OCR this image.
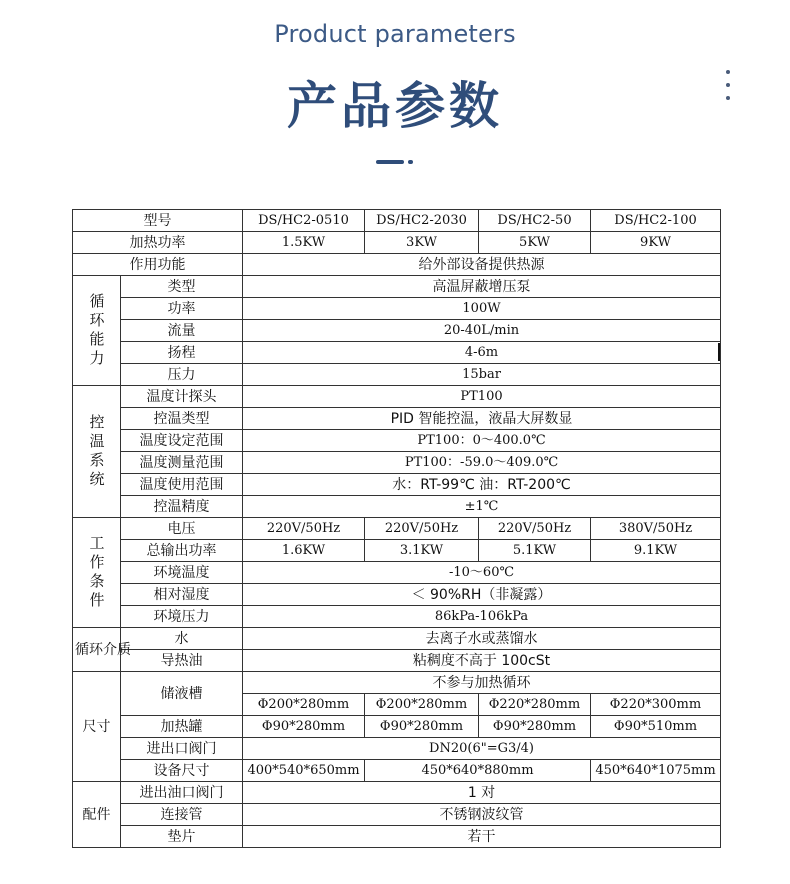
Product parameters
产品参数
型号		DS/HC2-0510	DS/HC2-2030	DS/HC2-50	DS/HC2-100
加热功率		1.5KW	3KW	5KW	9KW
作用功能		给外部设备提供热源			

循环能力	类型	高温屏蔽增压泵			
	功率	100W			
	流量	20-40L/min			
	扬程	4-6m			
	压力	15bar			

控温系统	温度计探头	PT100			
	控温类型	PID 智能控温，液晶大屏数显			
	温度设定范围	PT100：0～400.0℃			
	温度测量范围	PT100：-59.0～409.0℃			
	温度使用范围	水：RT-99℃ 油：RT-200℃			
	控温精度	±1℃			

工作条件	电压	220V/50Hz	220V/50Hz	220V/50Hz	380V/50Hz
	总输出功率	1.6KW	3.1KW	5.1KW	9.1KW
	环境温度	-10～60℃			
	相对湿度	＜ 90%RH（非凝露）			
	环境压力	86kPa-106kPa			
循环介质	水	去离子水或蒸馏水			
	导热油	粘稠度不高于 100cSt			
尺寸	储液槽	不参与加热循环			
		Φ200*280mm	Φ200*280mm	Φ220*280mm	Φ220*300mm
	加热罐	Φ90*280mm	Φ90*280mm	Φ90*280mm	Φ90*510mm
	进出口阀门	DN20(6"=G3/4)			
	设备尺寸	400*540*650mm	450*640*880mm		450*640*1075mm
配件	进出油口阀门	1 对			
	连接管	不锈钢波纹管			
	垫片	若干			
